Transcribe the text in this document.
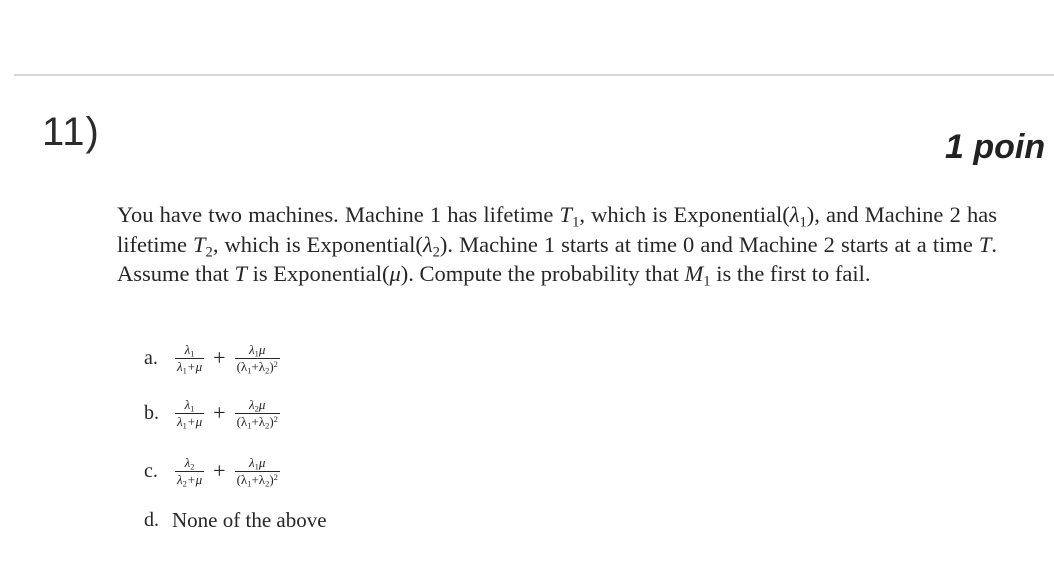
11)	1 poin
You have two machines. Machine 1 has lifetime $T_1$, which is $Exponential(\lambda_1)$, and Machine 2 has lifetime $T_2$, which is $Exponential(\lambda_2)$. Machine 1 starts at time 0 and Machine 2 starts at a time T. Assume that T is Exponential(μ). Compute the probability that $M_1$ is the first to fail.
a.	$\frac{\lambda_1}{\lambda_1+\mu} + \frac{\lambda_1\mu}{(\lambda_1+\lambda_2)^2}$
b.	$\frac{\lambda_1}{\lambda_1+\mu} + \frac{\lambda_2\mu}{(\lambda_1+\lambda_2)^2}$
c.	$\frac{\lambda_2}{\lambda_2+\mu} + \frac{\lambda_1\mu}{(\lambda_1+\lambda_2)^2}$
d. None of the above
